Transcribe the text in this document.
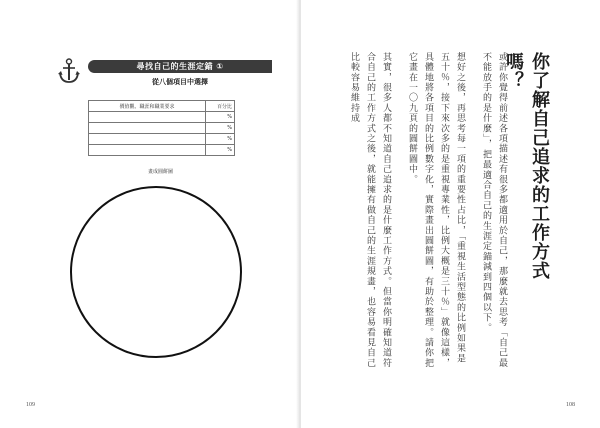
尋找自己的生涯定錨 ①
從八個項目中選擇
價值觀、職涯和職業要求	百分比
	%
	%
	%
	%
畫成圓餅圖
109
你了解自己追求的工作方式嗎？

或許你覺得前述各項描述有很多都適用於自己，那麼就去思考「自己最不能放手的是什麼」，把最適合自己的生涯定錨減到四個以下。

想好之後，再思考每一項的重要性占比，「重視生活型態的比例如果是五十％，接下來次多的是重視專業性，比例大概是三十％」就像這樣，具體地將各項目的比例數字化，實際畫出圓餅圖，有助於整理。請你把它畫在一〇九頁的圓餅圖中。

其實，很多人都不知道自己追求的是什麼工作方式。但當你明確知道符合自己的工作方式之後，就能擁有做自己的生涯規畫，也容易看見自己比較容易維持成

108
